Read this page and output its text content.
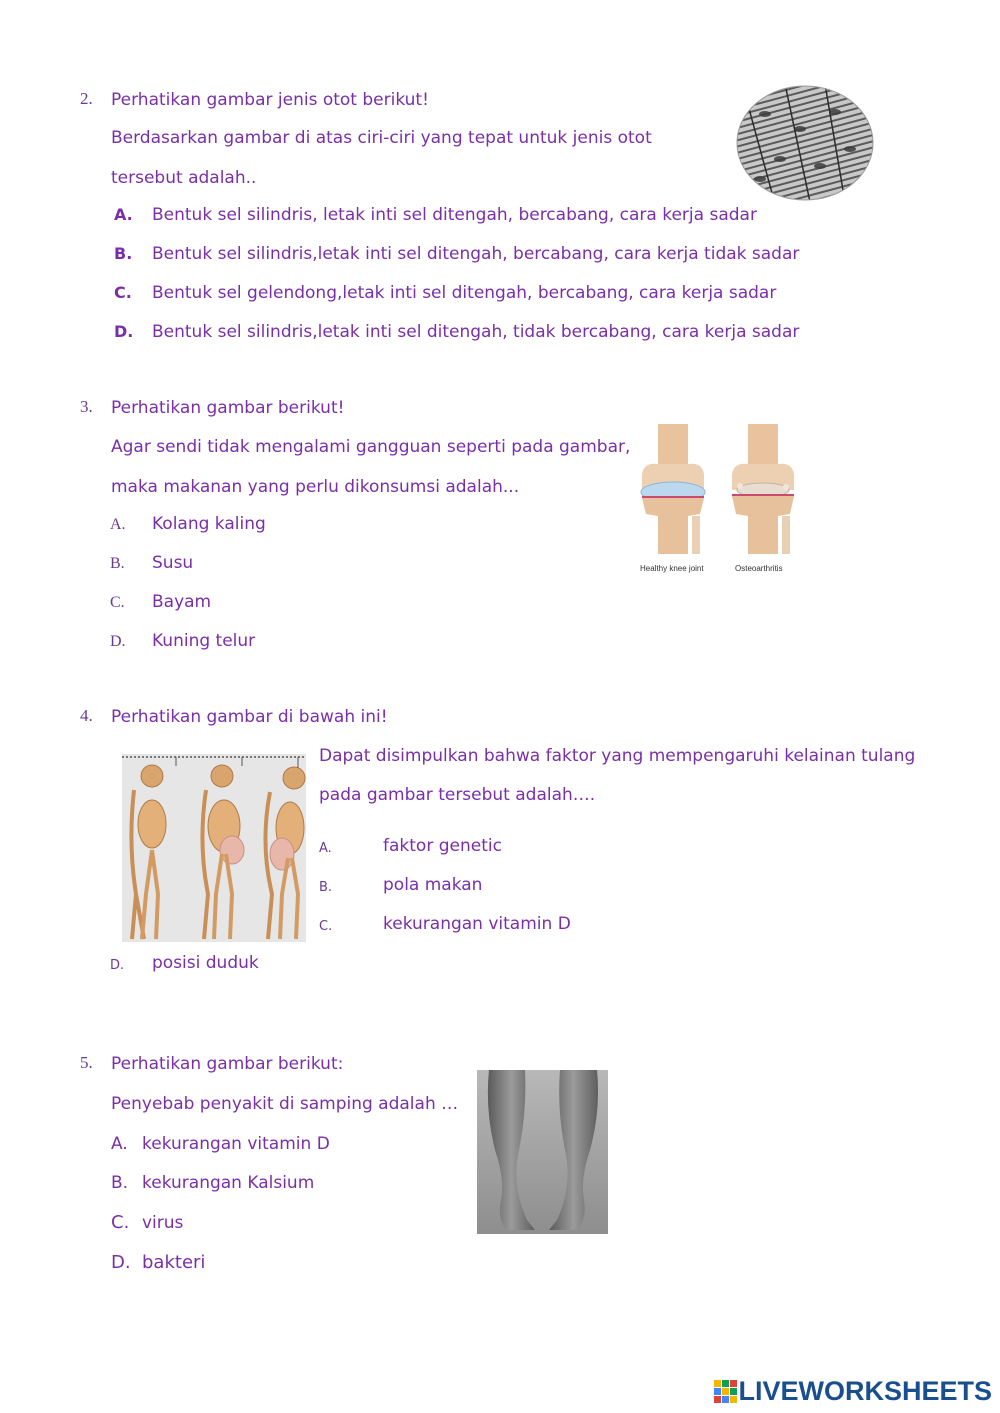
2. Perhatikan gambar jenis otot berikut!
Berdasarkan gambar di atas ciri-ciri yang tepat untuk jenis otot
tersebut adalah..
A. Bentuk sel silindris, letak inti sel ditengah, bercabang, cara kerja sadar
B. Bentuk sel silindris,letak inti sel ditengah, bercabang, cara kerja tidak sadar
C. Bentuk sel gelendong,letak inti sel ditengah, bercabang, cara kerja sadar
D. Bentuk sel silindris,letak inti sel ditengah, tidak bercabang, cara kerja sadar
3. Perhatikan gambar berikut!
Agar sendi tidak mengalami gangguan seperti pada gambar,
maka makanan yang perlu dikonsumsi adalah...
A. Kolang kaling
B. Susu
C. Bayam
D. Kuning telur
Healthy knee joint	Osteoarthritis
4. Perhatikan gambar di bawah ini!
Dapat disimpulkan bahwa faktor yang mempengaruhi kelainan tulang
pada gambar tersebut adalah….
A.	faktor genetic
B.	pola makan
C.	kekurangan vitamin D
D. posisi duduk
5. Perhatikan gambar berikut:
Penyebab penyakit di samping adalah …
A. kekurangan vitamin D
B. kekurangan Kalsium
C. virus
D. bakteri
LIVEWORKSHEETS
